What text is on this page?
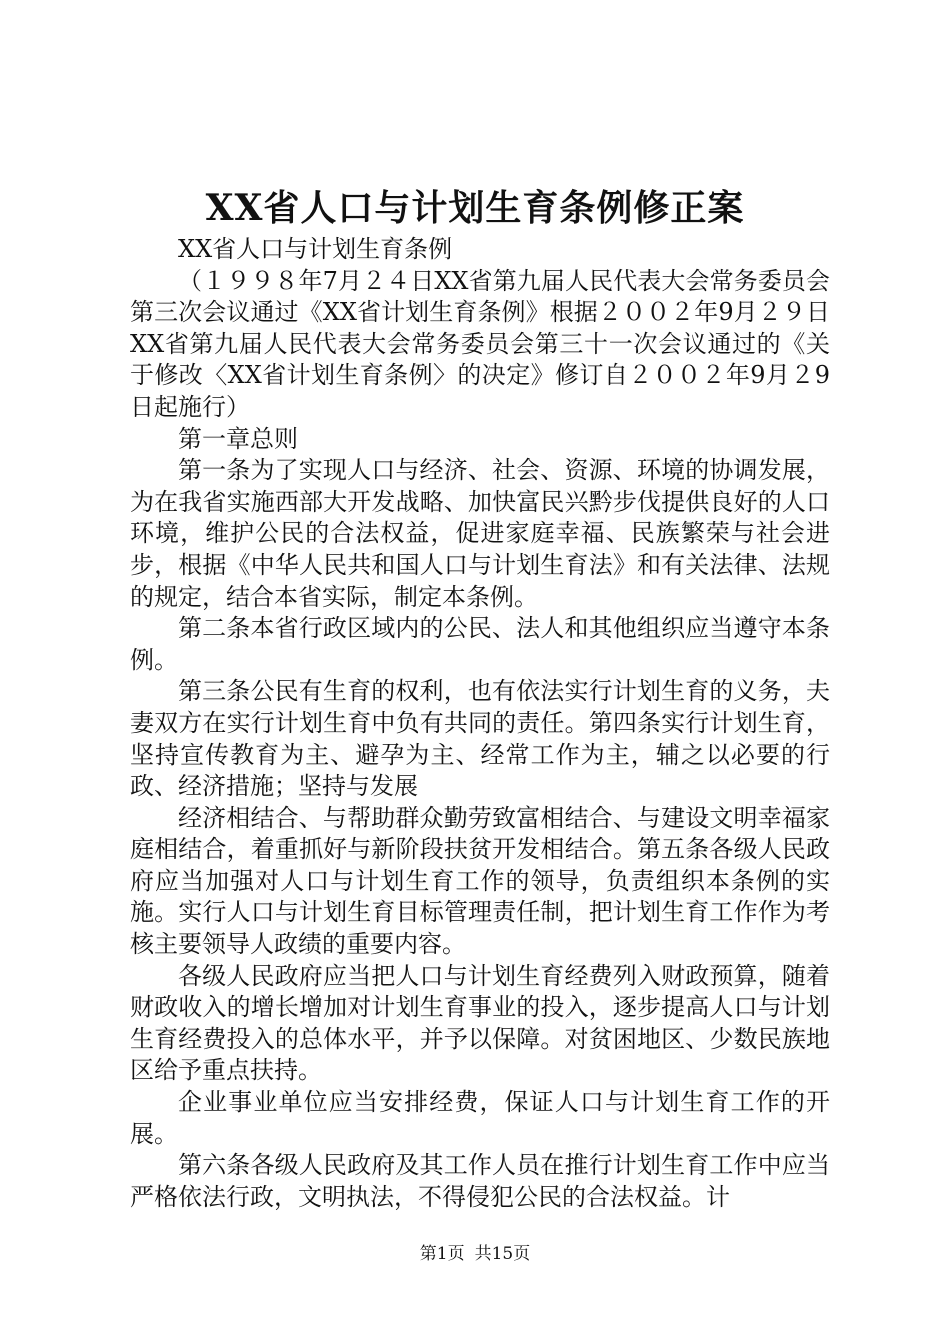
XX省人口与计划生育条例修正案

XX省人口与计划生育条例

（１９９８年7月２４日XX省第九届人民代表大会常务委员会第三次会议通过《XX省计划生育条例》根据２００２年9月２９日XX省第九届人民代表大会常务委员会第三十一次会议通过的《关于修改〈XX省计划生育条例〉的决定》修订自２００２年9月２9日起施行）

第一章总则

第一条为了实现人口与经济、社会、资源、环境的协调发展，为在我省实施西部大开发战略、加快富民兴黔步伐提供良好的人口环境，维护公民的合法权益，促进家庭幸福、民族繁荣与社会进步，根据《中华人民共和国人口与计划生育法》和有关法律、法规的规定，结合本省实际，制定本条例。

第二条本省行政区域内的公民、法人和其他组织应当遵守本条例。

第三条公民有生育的权利，也有依法实行计划生育的义务，夫妻双方在实行计划生育中负有共同的责任。第四条实行计划生育，坚持宣传教育为主、避孕为主、经常工作为主，辅之以必要的行政、经济措施；坚持与发展

经济相结合、与帮助群众勤劳致富相结合、与建设文明幸福家庭相结合，着重抓好与新阶段扶贫开发相结合。第五条各级人民政府应当加强对人口与计划生育工作的领导，负责组织本条例的实施。实行人口与计划生育目标管理责任制，把计划生育工作作为考核主要领导人政绩的重要内容。

各级人民政府应当把人口与计划生育经费列入财政预算，随着财政收入的增长增加对计划生育事业的投入，逐步提高人口与计划生育经费投入的总体水平，并予以保障。对贫困地区、少数民族地区给予重点扶持。

企业事业单位应当安排经费，保证人口与计划生育工作的开展。

第六条各级人民政府及其工作人员在推行计划生育工作中应当严格依法行政，文明执法，不得侵犯公民的合法权益。计

第1页 共15页
